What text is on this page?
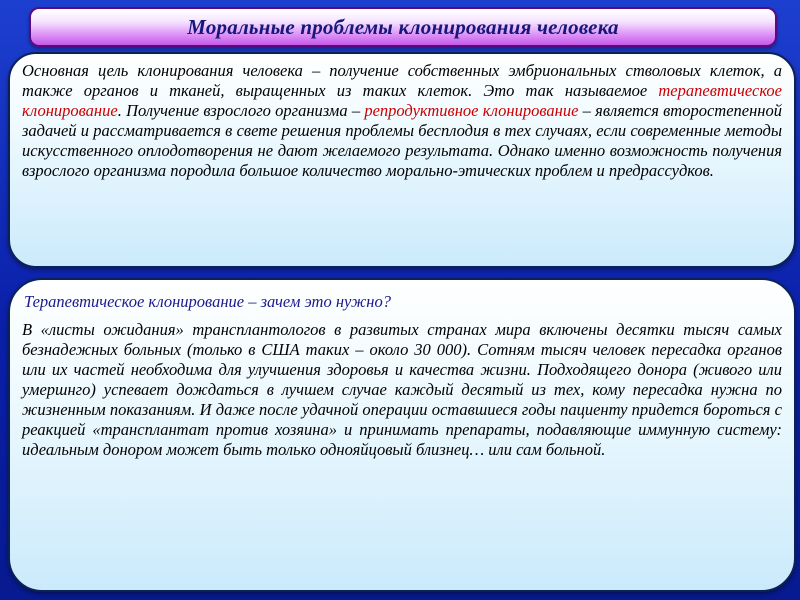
Моральные проблемы клонирования человека

Основная цель клонирования человека – получение собственных эмбриональных стволовых клеток, а также органов и тканей, выращенных из таких клеток. Это так называемое терапевтическое клонирование. Получение взрослого организма – репродуктивное клонирование – является второстепенной задачей и рассматривается в свете решения проблемы бесплодия в тех случаях, если современные методы искусственного оплодотворения не дают желаемого результата. Однако именно возможность получения взрослого организма породила большое количество морально-этических проблем и предрассудков.

Терапевтическое клонирование – зачем это нужно?

В «листы ожидания» трансплантологов в развитых странах мира включены десятки тысяч самых безнадежных больных (только в США таких – около 30 000). Сотням тысяч человек пересадка органов или их частей необходима для улучшения здоровья и качества жизни. Подходящего донора (живого или умершнго) успевает дождаться в лучшем случае каждый десятый из тех, кому пересадка нужна по жизненным показаниям. И даже после удачной операции оставшиеся годы пациенту придется бороться с реакцией «трансплантат против хозяина» и принимать препараты, подавляющие иммунную систему: идеальным донором может быть только однояйцовый близнец… или сам больной.
